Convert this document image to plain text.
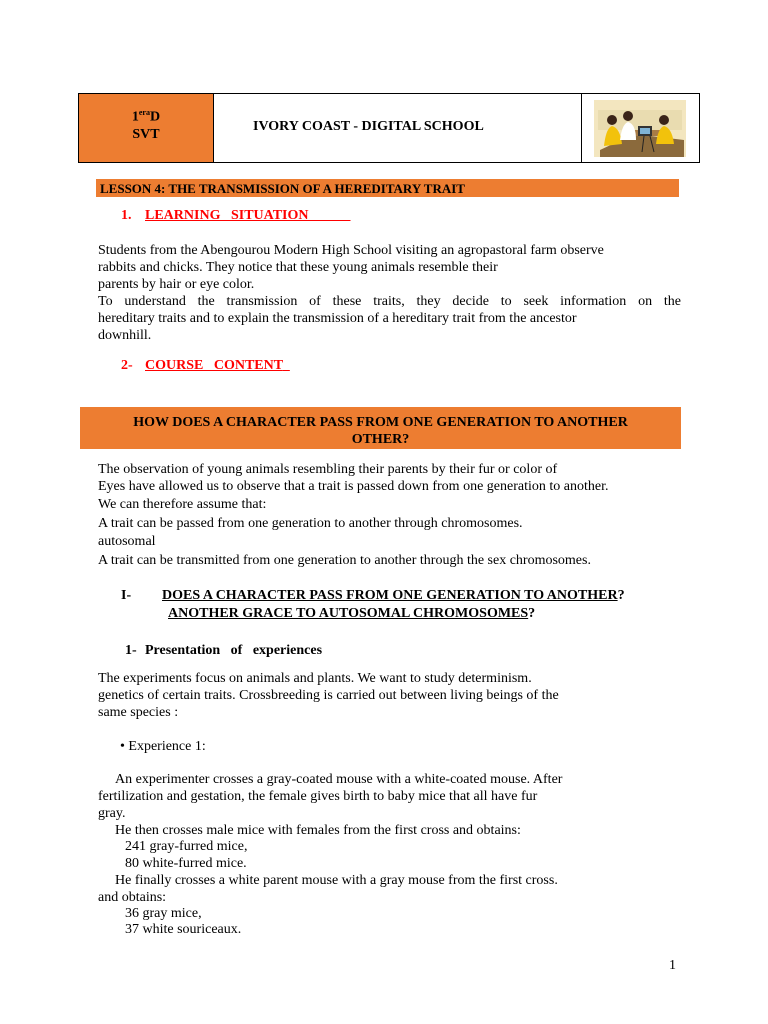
$1^{era}D$
SVT
IVORY COAST - DIGITAL SCHOOL
LESSON 4: THE TRANSMISSION OF A HEREDITARY TRAIT
1. LEARNING   SITUATION
Students from the Abengourou Modern High School visiting an agropastoral farm observe
rabbits and chicks. They notice that these young animals resemble their
parents by hair or eye color.
To understand the transmission of these traits, they decide to seek information on the
hereditary traits and to explain the transmission of a hereditary trait from the ancestor
downhill.
2- COURSE   CONTENT
HOW DOES A CHARACTER PASS FROM ONE GENERATION TO ANOTHER
OTHER?
The observation of young animals resembling their parents by their fur or color of
Eyes have allowed us to observe that a trait is passed down from one generation to another.
We can therefore assume that:
A trait can be passed from one generation to another through chromosomes.
autosomal
A trait can be transmitted from one generation to another through the sex chromosomes.
I- DOES A CHARACTER PASS FROM ONE GENERATION TO ANOTHER?
ANOTHER GRACE TO AUTOSOMAL CHROMOSOMES?
1- Presentation   of   experiences
The experiments focus on animals and plants. We want to study determinism.
genetics of certain traits. Crossbreeding is carried out between living beings of the
same species :
• Experience 1:
An experimenter crosses a gray-coated mouse with a white-coated mouse. After
fertilization and gestation, the female gives birth to baby mice that all have fur
gray.
He then crosses male mice with females from the first cross and obtains:
241 gray-furred mice,
80 white-furred mice.
He finally crosses a white parent mouse with a gray mouse from the first cross.
and obtains:
36 gray mice,
37 white souriceaux.
1
